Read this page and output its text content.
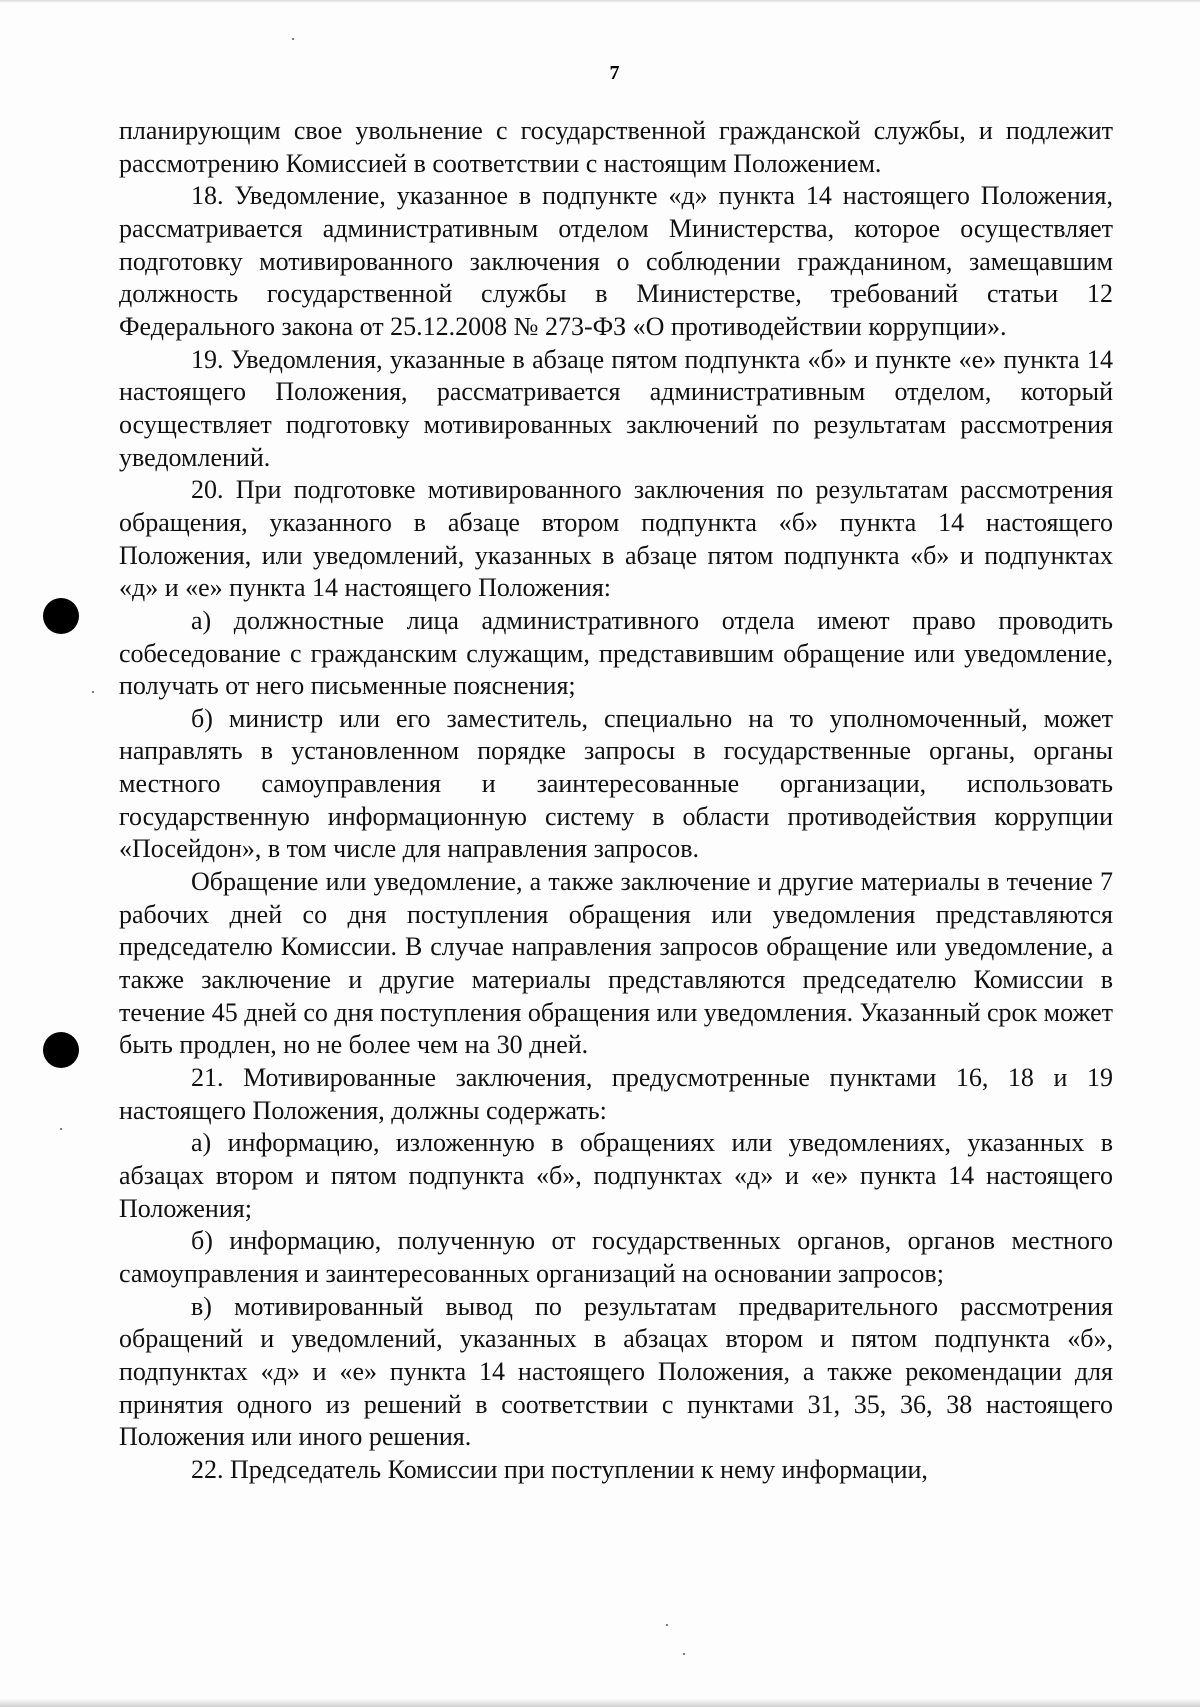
7

планирующим свое увольнение с государственной гражданской службы, и подлежит рассмотрению Комиссией в соответствии с настоящим Положением.

18. Уведомление, указанное в подпункте «д» пункта 14 настоящего Положения, рассматривается административным отделом Министерства, которое осуществляет подготовку мотивированного заключения о соблюдении гражданином, замещавшим должность государственной службы в Министерстве, требований статьи 12 Федерального закона от 25.12.2008 № 273-ФЗ «О противодействии коррупции».

19. Уведомления, указанные в абзаце пятом подпункта «б» и пункте «е» пункта 14 настоящего Положения, рассматривается административным отделом, который осуществляет подготовку мотивированных заключений по результатам рассмотрения уведомлений.

20. При подготовке мотивированного заключения по результатам рассмотрения обращения, указанного в абзаце втором подпункта «б» пункта 14 настоящего Положения, или уведомлений, указанных в абзаце пятом подпункта «б» и подпунктах «д» и «е» пункта 14 настоящего Положения:

а) должностные лица административного отдела имеют право проводить собеседование с гражданским служащим, представившим обращение или уведомление, получать от него письменные пояснения;

б) министр или его заместитель, специально на то уполномоченный, может направлять в установленном порядке запросы в государственные органы, органы местного самоуправления и заинтересованные организации, использовать государственную информационную систему в области противодействия коррупции «Посейдон», в том числе для направления запросов.

Обращение или уведомление, а также заключение и другие материалы в течение 7 рабочих дней со дня поступления обращения или уведомления представляются председателю Комиссии. В случае направления запросов обращение или уведомление, а также заключение и другие материалы представляются председателю Комиссии в течение 45 дней со дня поступления обращения или уведомления. Указанный срок может быть продлен, но не более чем на 30 дней.

21. Мотивированные заключения, предусмотренные пунктами 16, 18 и 19 настоящего Положения, должны содержать:

а) информацию, изложенную в обращениях или уведомлениях, указанных в абзацах втором и пятом подпункта «б», подпунктах «д» и «е» пункта 14 настоящего Положения;

б) информацию, полученную от государственных органов, органов местного самоуправления и заинтересованных организаций на основании запросов;

в) мотивированный вывод по результатам предварительного рассмотрения обращений и уведомлений, указанных в абзацах втором и пятом подпункта «б», подпунктах «д» и «е» пункта 14 настоящего Положения, а также рекомендации для принятия одного из решений в соответствии с пунктами 31, 35, 36, 38 настоящего Положения или иного решения.

22. Председатель Комиссии при поступлении к нему информации,
